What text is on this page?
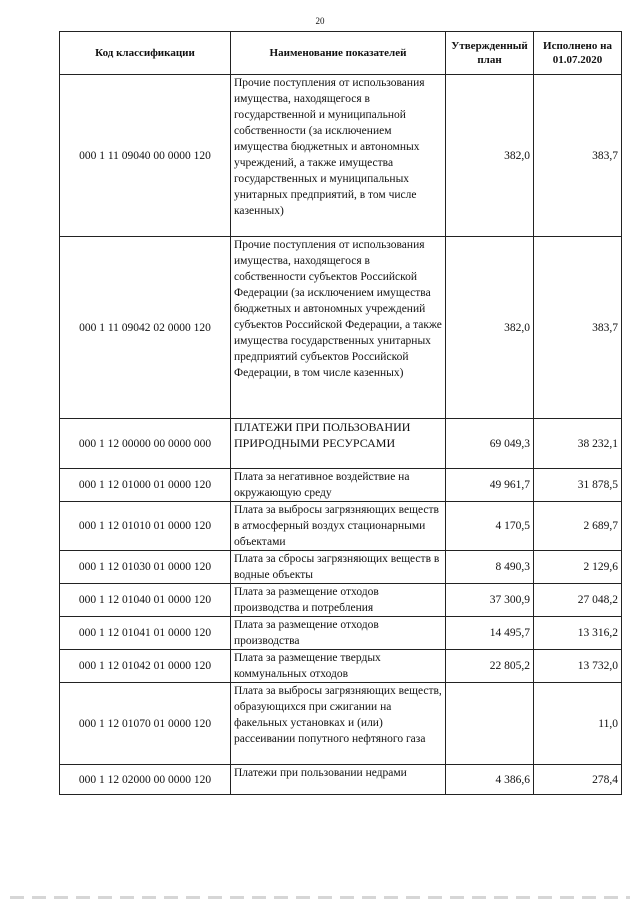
20
Код классификации	Наименование показателей	Утвержденный план	Исполнено на 01.07.2020
000 1 11 09040 00 0000 120	Прочие поступления от использования имущества, находящегося в государственной и муниципальной собственности (за исключением имущества бюджетных и автономных учреждений, а также имущества государственных и муниципальных унитарных предприятий, в том числе казенных)	382,0	383,7
000 1 11 09042 02 0000 120	Прочие поступления от использования имущества, находящегося в собственности субъектов Российской Федерации (за исключением имущества бюджетных и автономных учреждений субъектов Российской Федерации, а также имущества государственных унитарных предприятий субъектов Российской Федерации, в том числе казенных)	382,0	383,7
000 1 12 00000 00 0000 000	ПЛАТЕЖИ ПРИ ПОЛЬЗОВАНИИ ПРИРОДНЫМИ РЕСУРСАМИ	69 049,3	38 232,1
000 1 12 01000 01 0000 120	Плата за негативное воздействие на окружающую среду	49 961,7	31 878,5
000 1 12 01010 01 0000 120	Плата за выбросы загрязняющих веществ в атмосферный воздух стационарными объектами	4 170,5	2 689,7
000 1 12 01030 01 0000 120	Плата за сбросы загрязняющих веществ в водные объекты	8 490,3	2 129,6
000 1 12 01040 01 0000 120	Плата за размещение отходов производства и потребления	37 300,9	27 048,2
000 1 12 01041 01 0000 120	Плата за размещение отходов производства	14 495,7	13 316,2
000 1 12 01042 01 0000 120	Плата за размещение твердых коммунальных отходов	22 805,2	13 732,0
000 1 12 01070 01 0000 120	Плата за выбросы загрязняющих веществ, образующихся при сжигании на факельных установках и (или) рассеивании попутного нефтяного газа		11,0
000 1 12 02000 00 0000 120	Платежи при пользовании недрами	4 386,6	278,4
